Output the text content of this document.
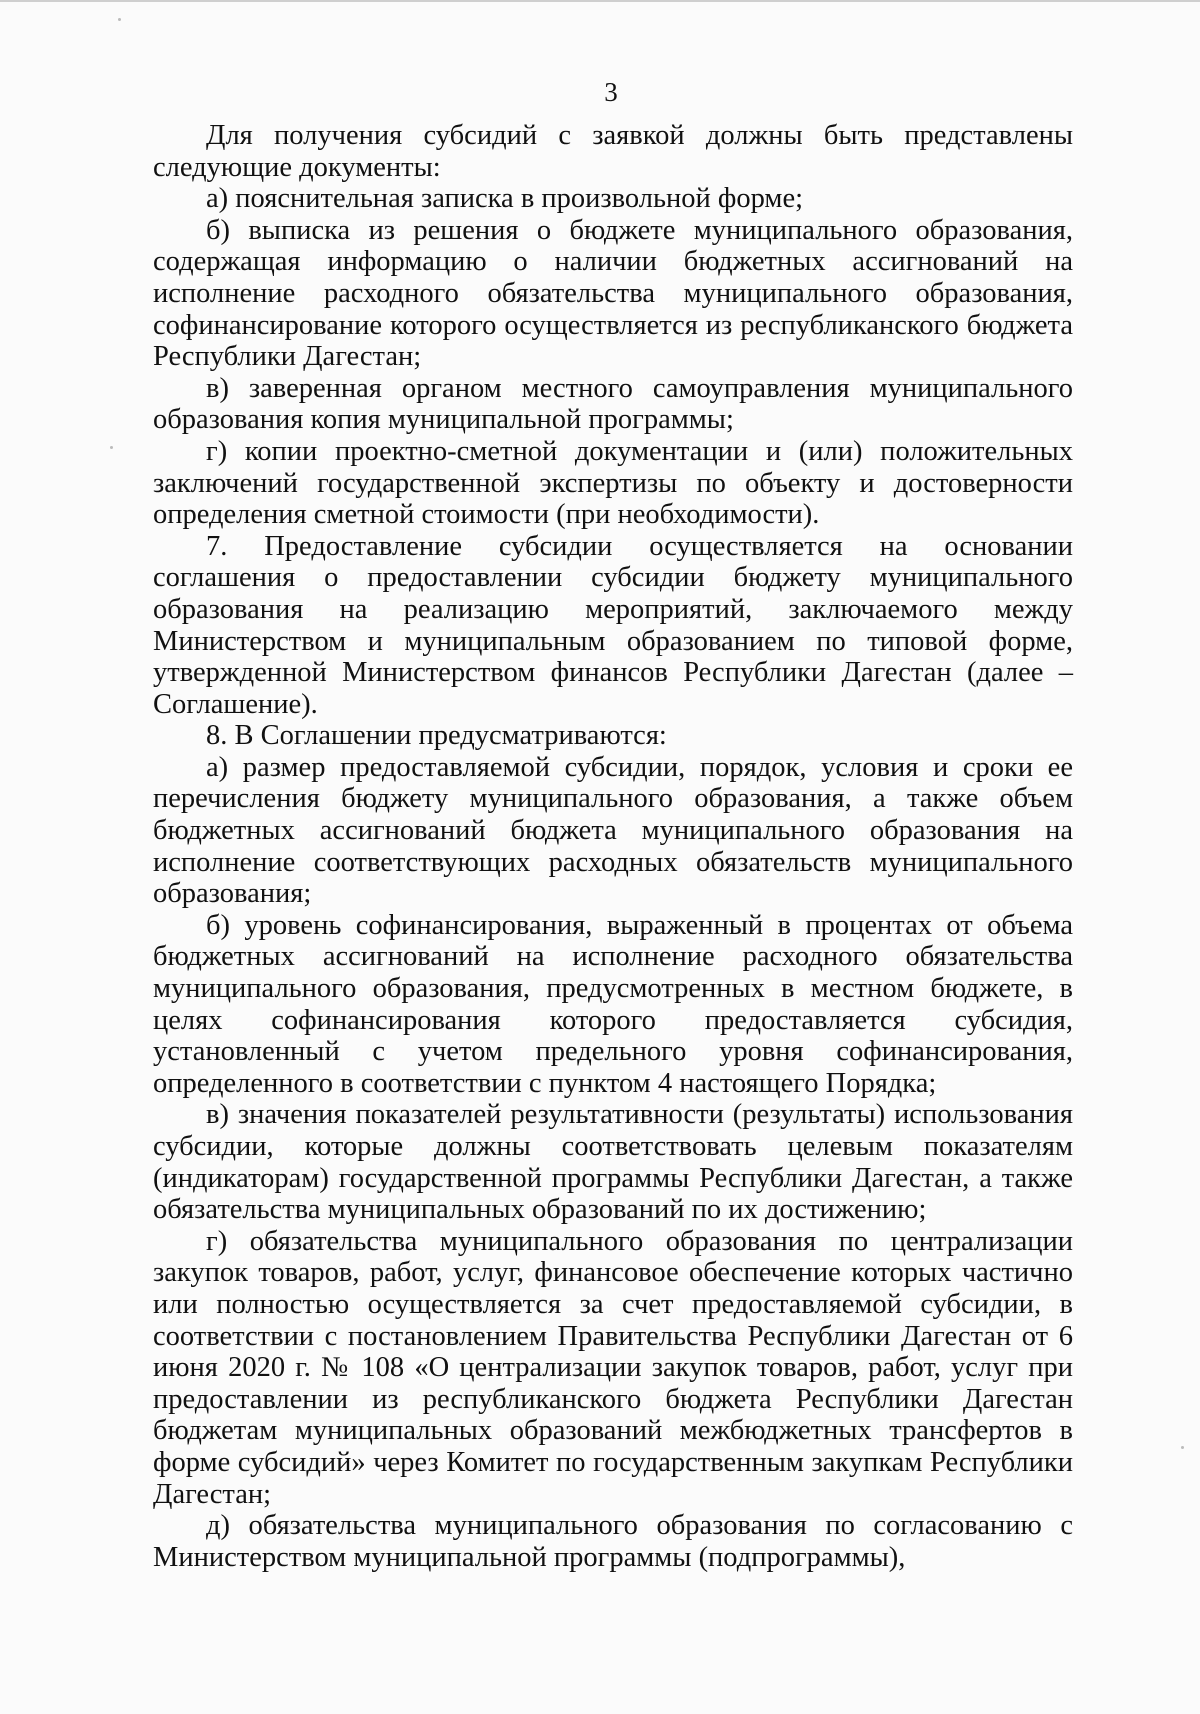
3

Для получения субсидий с заявкой должны быть представлены следующие документы:

а) пояснительная записка в произвольной форме;

б) выписка из решения о бюджете муниципального образования, содержащая информацию о наличии бюджетных ассигнований на исполнение расходного обязательства муниципального образования, софинансирование которого осуществляется из республиканского бюджета Республики Дагестан;

в) заверенная органом местного самоуправления муниципального образования копия муниципальной программы;

г) копии проектно-сметной документации и (или) положительных заключений государственной экспертизы по объекту и достоверности определения сметной стоимости (при необходимости).

7. Предоставление субсидии осуществляется на основании соглашения о предоставлении субсидии бюджету муниципального образования на реализацию мероприятий, заключаемого между Министерством и муниципальным образованием по типовой форме, утвержденной Министерством финансов Республики Дагестан (далее – Соглашение).

8. В Соглашении предусматриваются:

а) размер предоставляемой субсидии, порядок, условия и сроки ее перечисления бюджету муниципального образования, а также объем бюджетных ассигнований бюджета муниципального образования на исполнение соответствующих расходных обязательств муниципального образования;

б) уровень софинансирования, выраженный в процентах от объема бюджетных ассигнований на исполнение расходного обязательства муниципального образования, предусмотренных в местном бюджете, в целях софинансирования которого предоставляется субсидия, установленный с учетом предельного уровня софинансирования, определенного в соответствии с пунктом 4 настоящего Порядка;

в) значения показателей результативности (результаты) использования субсидии, которые должны соответствовать целевым показателям (индикаторам) государственной программы Республики Дагестан, а также обязательства муниципальных образований по их достижению;

г) обязательства муниципального образования по централизации закупок товаров, работ, услуг, финансовое обеспечение которых частично или полностью осуществляется за счет предоставляемой субсидии, в соответствии с постановлением Правительства Республики Дагестан от 6 июня 2020 г. № 108 «О централизации закупок товаров, работ, услуг при предоставлении из республиканского бюджета Республики Дагестан бюджетам муниципальных образований межбюджетных трансфертов в форме субсидий» через Комитет по государственным закупкам Республики Дагестан;

д) обязательства муниципального образования по согласованию с Министерством муниципальной программы (подпрограммы),
